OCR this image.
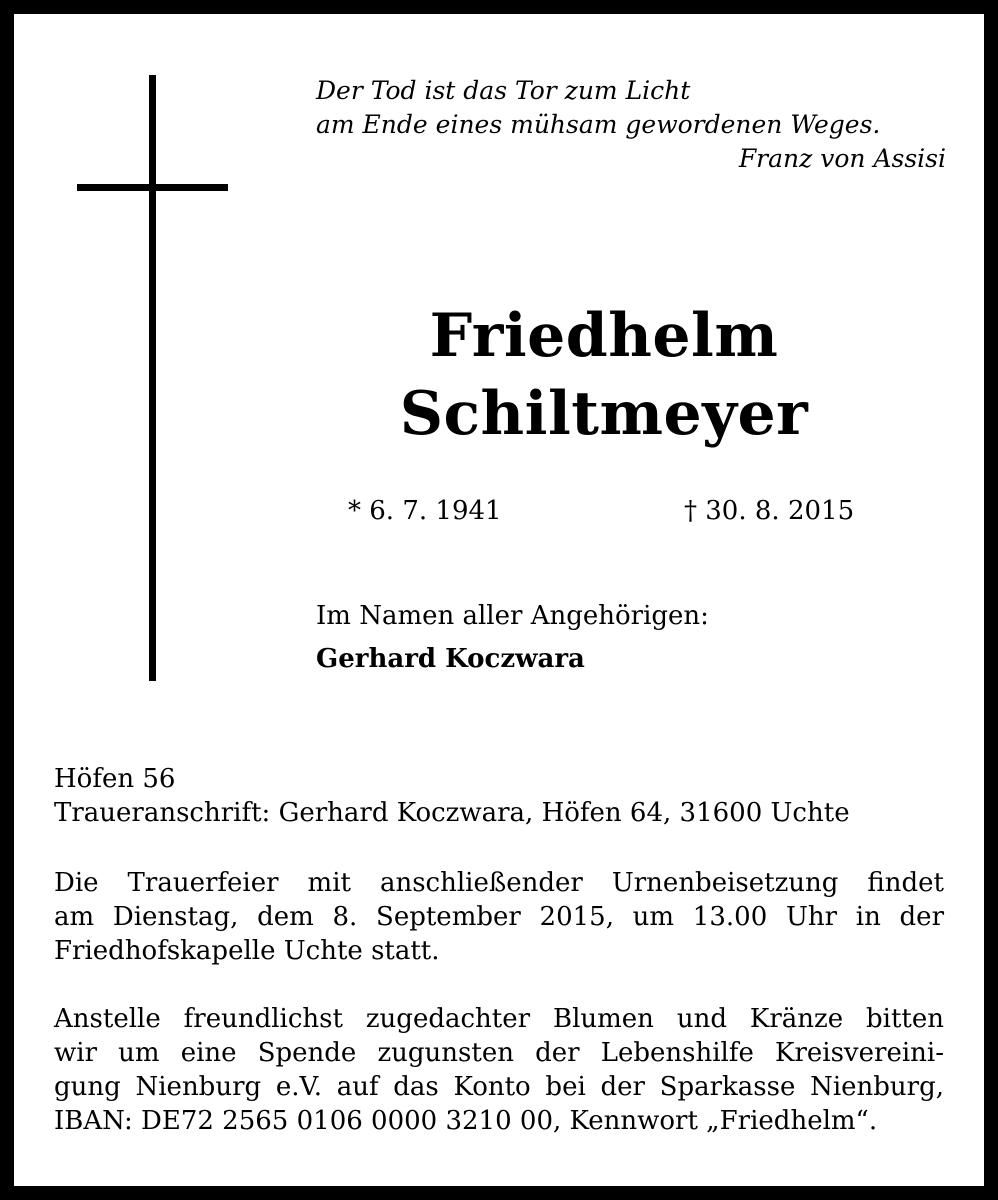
Der Tod ist das Tor zum Licht
am Ende eines mühsam gewordenen Weges.
Franz von Assisi
Friedhelm
Schiltmeyer
* 6. 7. 1941	† 30. 8. 2015
Im Namen aller Angehörigen:
Gerhard Koczwara
Höfen 56
Traueranschrift: Gerhard Koczwara, Höfen 64, 31600 Uchte
Die Trauerfeier mit anschließender Urnenbeisetzung findet
am Dienstag, dem 8. September 2015, um 13.00 Uhr in der
Friedhofskapelle Uchte statt.
Anstelle freundlichst zugedachter Blumen und Kränze bitten
wir um eine Spende zugunsten der Lebenshilfe Kreisvereini-
gung Nienburg e.V. auf das Konto bei der Sparkasse Nienburg,
IBAN: DE72 2565 0106 0000 3210 00, Kennwort „Friedhelm“.
